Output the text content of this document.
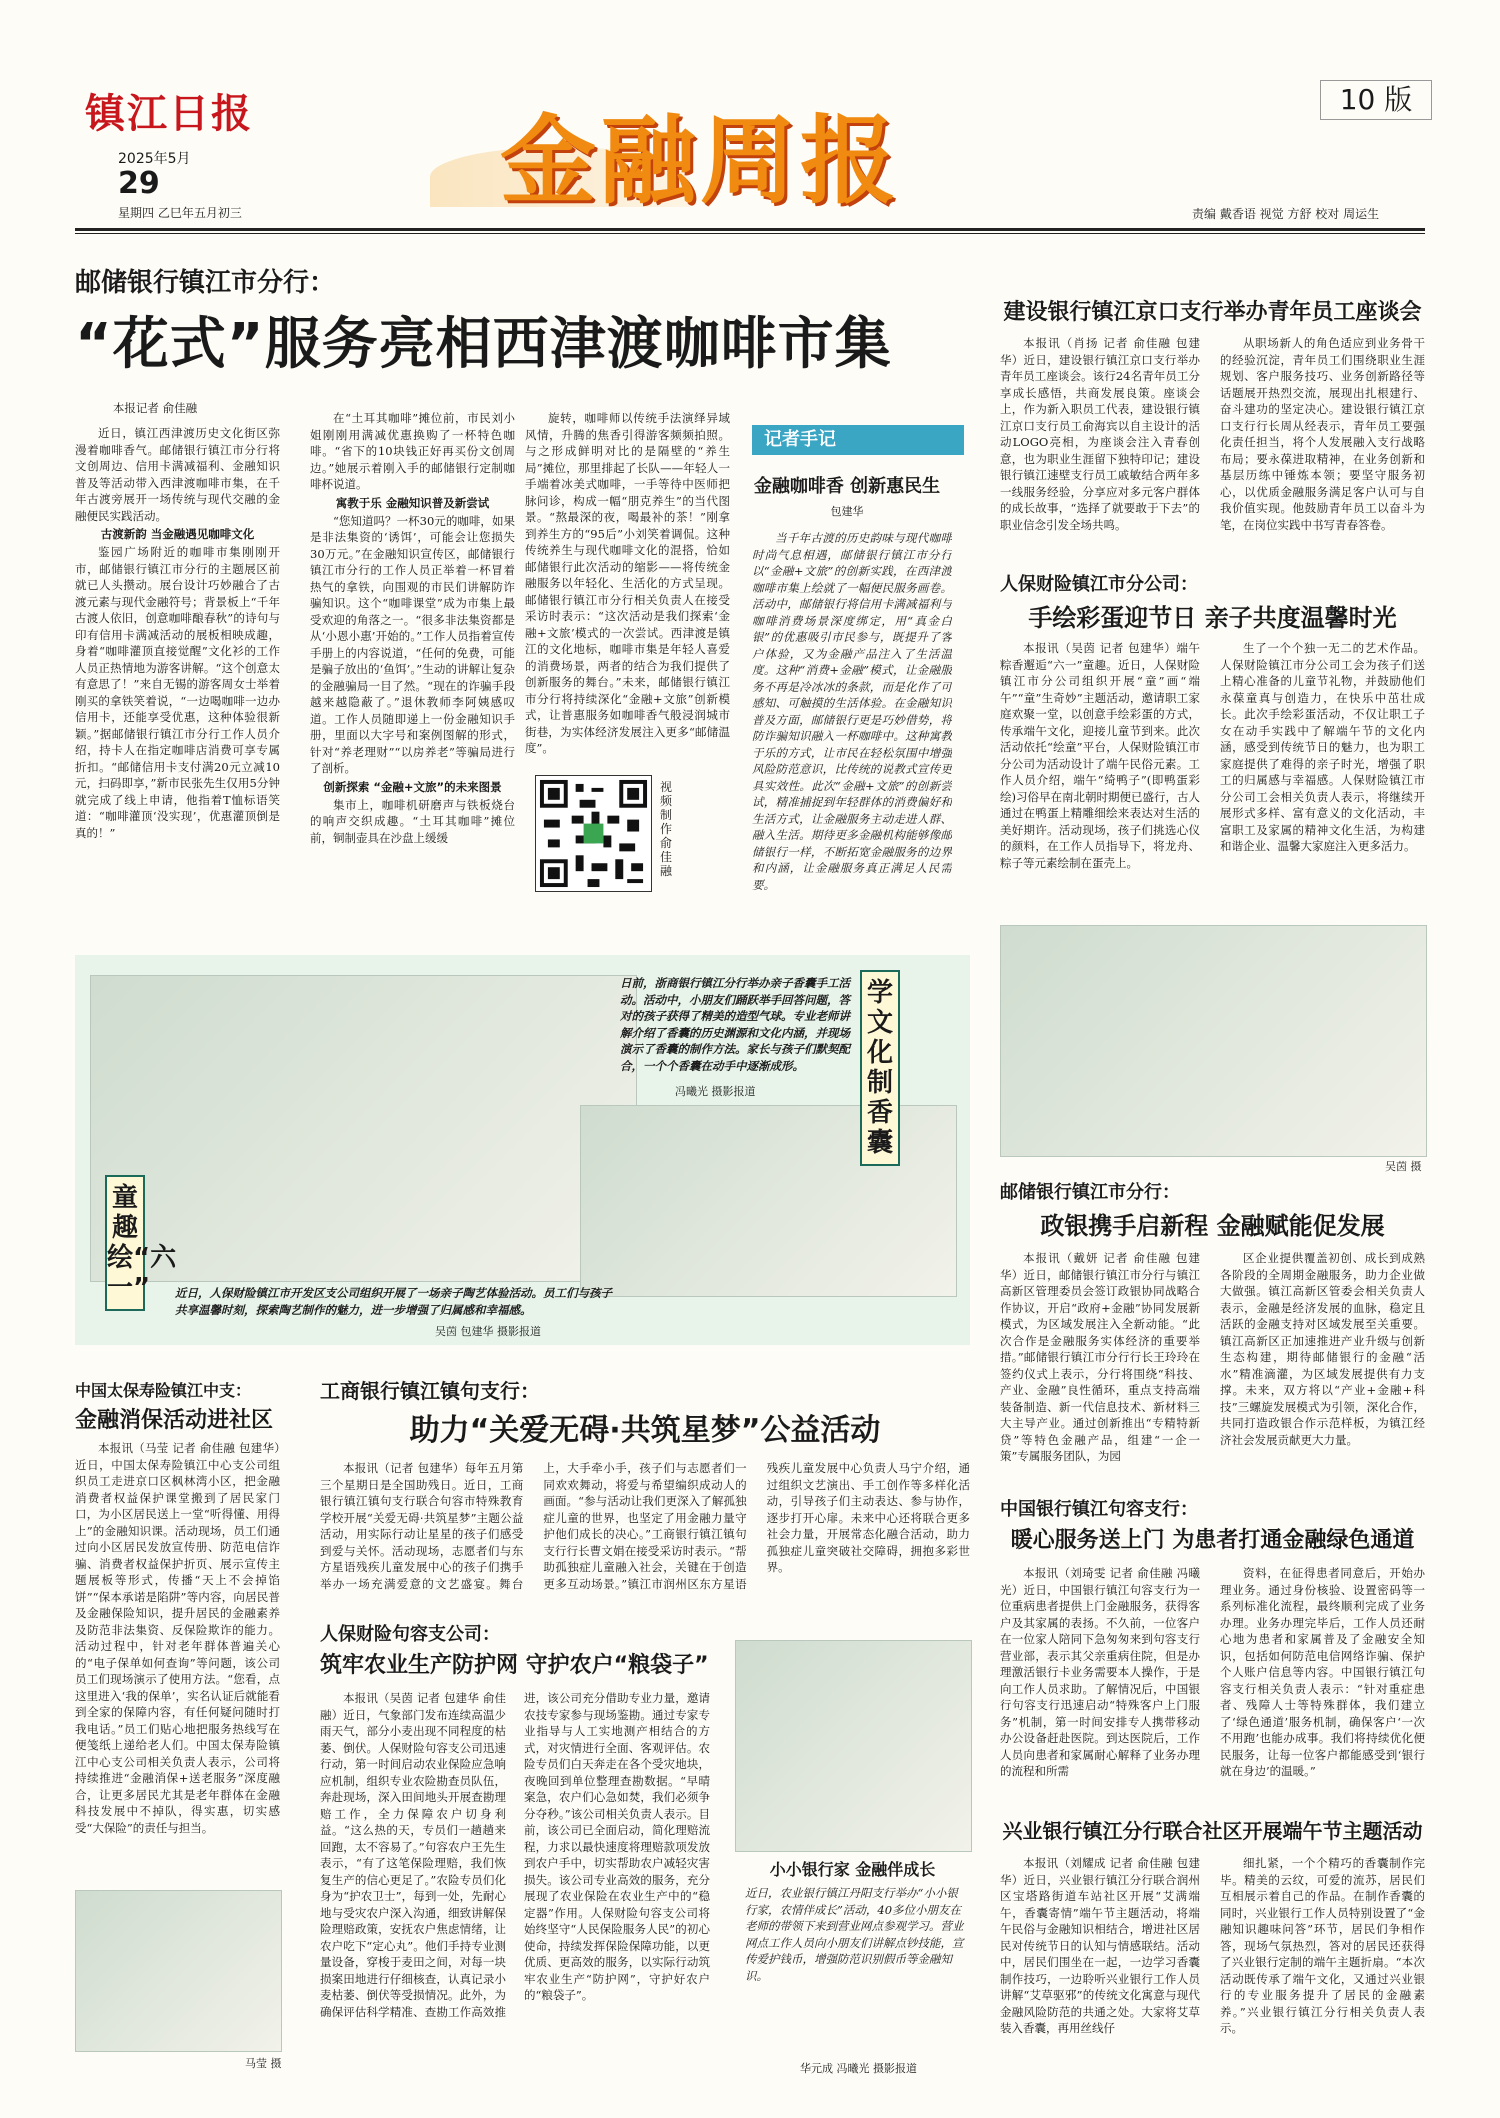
镇江日报
2025年5月
29
星期四 乙巳年五月初三	金融周报
10 版
责编 戴香语 视觉 方舒 校对 周运生
邮储银行镇江市分行：
“花式”服务亮相西津渡咖啡市集
本报记者 俞佳融

近日，镇江西津渡历史文化街区弥漫着咖啡香气。邮储银行镇江市分行将文创周边、信用卡满减福利、金融知识普及等活动带入西津渡咖啡市集，在千年古渡旁展开一场传统与现代交融的金融便民实践活动。

古渡新韵 当金融遇见咖啡文化

鉴园广场附近的咖啡市集刚刚开市，邮储银行镇江市分行的主题展区前就已人头攒动。展台设计巧妙融合了古渡元素与现代金融符号；背景板上“千年古渡人依旧，创意咖啡酿春秋”的诗句与印有信用卡满减活动的展板相映成趣，身着“咖啡灌顶直接觉醒”文化衫的工作人员正热情地为游客讲解。“这个创意太有意思了！”来自无锡的游客周女士举着刚买的拿铁笑着说，“一边喝咖啡一边办信用卡，还能享受优惠，这种体验很新颖。”据邮储银行镇江市分行工作人员介绍，持卡人在指定咖啡店消费可享专属折扣。“邮储信用卡支付满20元立减10元，扫码即享，”新市民张先生仅用5分钟就完成了线上申请，他指着T恤标语笑道：“咖啡灌顶‘没实现’，优惠灌顶倒是真的！”

在“土耳其咖啡”摊位前，市民刘小姐刚刚用满减优惠换购了一杯特色咖啡。“省下的10块钱正好再买份文创周边。”她展示着刚入手的邮储银行定制咖啡杯说道。

寓教于乐 金融知识普及新尝试

“您知道吗？一杯30元的咖啡，如果是非法集资的‘诱饵’，可能会让您损失30万元。”在金融知识宣传区，邮储银行镇江市分行的工作人员正举着一杯冒着热气的拿铁，向围观的市民们讲解防诈骗知识。这个“咖啡课堂”成为市集上最受欢迎的角落之一。“很多非法集资都是从‘小恩小惠’开始的。”工作人员指着宣传手册上的内容说道，“任何的免费，可能是骗子放出的‘鱼饵’。”生动的讲解让复杂的金融骗局一目了然。“现在的诈骗手段越来越隐蔽了。”退休教师李阿姨感叹道。工作人员随即递上一份金融知识手册，里面以大字号和案例图解的形式，针对“养老理财”“以房养老”等骗局进行了剖析。

创新探索 “金融+文旅”的未来图景

集市上，咖啡机研磨声与铁板烧台的响声交织成趣。“土耳其咖啡”摊位前，铜制壶具在沙盘上缓缓

旋转，咖啡师以传统手法演绎异域风情，升腾的焦香引得游客频频拍照。与之形成鲜明对比的是隔壁的“养生局”摊位，那里排起了长队——年轻人一手端着冰美式咖啡，一手等待中医师把脉问诊，构成一幅“朋克养生”的当代图景。“熬最深的夜，喝最补的茶！”刚拿到养生方的“95后”小刘笑着调侃。这种传统养生与现代咖啡文化的混搭，恰如邮储银行此次活动的缩影——将传统金融服务以年轻化、生活化的方式呈现。邮储银行镇江市分行相关负责人在接受采访时表示：“这次活动是我们探索‘金融+文旅’模式的一次尝试。西津渡是镇江的文化地标，咖啡市集是年轻人喜爱的消费场景，两者的结合为我们提供了创新服务的舞台。”未来，邮储银行镇江市分行将持续深化“金融+文旅”创新模式，让普惠服务如咖啡香气般浸润城市街巷，为实体经济发展注入更多“邮储温度”。

视频制作 俞佳融
记者手记
金融咖啡香 创新惠民生
包建华

当千年古渡的历史韵味与现代咖啡时尚气息相遇，邮储银行镇江市分行以“金融+文旅”的创新实践，在西津渡咖啡市集上绘就了一幅便民服务画卷。活动中，邮储银行将信用卡满减福利与咖啡消费场景深度绑定，用“真金白银”的优惠吸引市民参与，既提升了客户体验，又为金融产品注入了生活温度。这种“消费+金融”模式，让金融服务不再是冷冰冰的条款，而是化作了可感知、可触摸的生活体验。在金融知识普及方面，邮储银行更是巧妙借势，将防诈骗知识融入一杯咖啡中。这种寓教于乐的方式，让市民在轻松氛围中增强风险防范意识，比传统的说教式宣传更具实效性。此次“金融+文旅”的创新尝试，精准捕捉到年轻群体的消费偏好和生活方式，让金融服务主动走进人群、融入生活。期待更多金融机构能够像邮储银行一样，不断拓宽金融服务的边界和内涵，让金融服务真正满足人民需要。

建设银行镇江京口支行举办青年员工座谈会

本报讯（肖扬 记者 俞佳融 包建华）近日，建设银行镇江京口支行举办青年员工座谈会。该行24名青年员工分享成长感悟，共商发展良策。座谈会上，作为新入职员工代表，建设银行镇江京口支行员工俞海宾以自主设计的活动LOGO亮相，为座谈会注入青春创意，也为职业生涯留下独特印记；建设银行镇江速壁支行员工戚敏结合两年多一线服务经验，分享应对多元客户群体的成长故事，“选择了就要敢于下去”的职业信念引发全场共鸣。

从职场新人的角色适应到业务骨干的经验沉淀，青年员工们围绕职业生涯规划、客户服务技巧、业务创新路径等话题展开热烈交流，展现出扎根建行、奋斗建功的坚定决心。建设银行镇江京口支行行长周从经表示，青年员工要强化责任担当，将个人发展融入支行战略布局；要永葆进取精神，在业务创新和基层历练中锤炼本领；要坚守服务初心，以优质金融服务满足客户认可与自我价值实现。他鼓励青年员工以奋斗为笔，在岗位实践中书写青春答卷。

人保财险镇江市分公司：
手绘彩蛋迎节日 亲子共度温馨时光

本报讯（吴茵 记者 包建华）端午粽香邂逅“六一”童趣。近日，人保财险镇江市分公司组织开展“童”画“端午”“童”生奇妙”主题活动，邀请职工家庭欢聚一堂，以创意手绘彩蛋的方式，传承端午文化，迎接儿童节到来。此次活动依托“绘童”平台，人保财险镇江市分公司为活动设计了端午民俗元素。工作人员介绍，端午“绮鸭子”(即鸭蛋彩绘)习俗早在南北朝时期便已盛行，古人通过在鸭蛋上精雕细绘来表达对生活的美好期许。活动现场，孩子们挑选心仪的颜料，在工作人员指导下，将龙舟、粽子等元素绘制在蛋壳上。

生了一个个独一无二的艺术作品。人保财险镇江市分公司工会为孩子们送上精心准备的儿童节礼物，并鼓励他们永葆童真与创造力，在快乐中茁壮成长。此次手绘彩蛋活动，不仅让职工子女在动手实践中了解端午节的文化内涵，感受到传统节日的魅力，也为职工家庭提供了难得的亲子时光，增强了职工的归属感与幸福感。人保财险镇江市分公司工会相关负责人表示，将继续开展形式多样、富有意义的文化活动，丰富职工及家属的精神文化生活，为构建和谐企业、温馨大家庭注入更多活力。

吴茵 摄
童趣绘“六一”
学文化 制香囊
日前，浙商银行镇江分行举办亲子香囊手工活动。活动中，小朋友们踊跃举手回答问题，答对的孩子获得了精美的造型气球。专业老师讲解介绍了香囊的历史渊源和文化内涵，并现场演示了香囊的制作方法。家长与孩子们默契配合，一个个香囊在动手中逐渐成形。
冯曦光 摄影报道
近日，人保财险镇江市开发区支公司组织开展了一场亲子陶艺体验活动。员工们与孩子共享温馨时刻，探索陶艺制作的魅力，进一步增强了归属感和幸福感。
吴茵 包建华 摄影报道
中国太保寿险镇江中支：
金融消保活动进社区

本报讯（马莹 记者 俞佳融 包建华）近日，中国太保寿险镇江中心支公司组织员工走进京口区枫林湾小区，把金融消费者权益保护课堂搬到了居民家门口，为小区居民送上一堂“听得懂、用得上”的金融知识课。活动现场，员工们通过向小区居民发放宣传册、防范电信诈骗、消费者权益保护折页、展示宣传主题展板等形式，传播“天上不会掉馅饼”“保本承诺是陷阱”等内容，向居民普及金融保险知识，提升居民的金融素养及防范非法集资、反保险欺诈的能力。活动过程中，针对老年群体普遍关心的“电子保单如何查询”等问题，该公司员工们现场演示了使用方法。“您看，点这里进入‘我的保单’，实名认证后就能看到全家的保障内容，有任何疑问随时打我电话。”员工们贴心地把服务热线写在便笺纸上递给老人们。中国太保寿险镇江中心支公司相关负责人表示，公司将持续推进“金融消保+送老服务”深度融合，让更多居民尤其是老年群体在金融科技发展中不掉队，得实惠，切实感受“大保险”的责任与担当。

马莹 摄
工商银行镇江镇句支行：
助力“关爱无碍·共筑星梦”公益活动

本报讯（记者 包建华）每年五月第三个星期日是全国助残日。近日，工商银行镇江镇句支行联合句容市特殊教育学校开展“关爱无碍·共筑星梦”主题公益活动，用实际行动让星星的孩子们感受到爱与关怀。活动现场，志愿者们与东方星语残疾儿童发展中心的孩子们携手举办一场充满爱意的文艺盛宴。舞台上，大手牵小手，孩子们与志愿者们一同欢欢舞动，将爱与希望编织成动人的画面。“参与活动让我们更深入了解孤独症儿童的世界，也坚定了用金融力量守护他们成长的决心。”工商银行镇江镇句支行行长曹文娟在接受采访时表示。“帮助孤独症儿童融入社会，关键在于创造更多互动场景。”镇江市润州区东方星语残疾儿童发展中心负责人马宁介绍，通过组织文艺演出、手工创作等多样化活动，引导孩子们主动表达、参与协作，逐步打开心扉。未来中心还将联合更多社会力量，开展常态化融合活动，助力孤独症儿童突破社交障碍，拥抱多彩世界。

人保财险句容支公司：
筑牢农业生产防护网 守护农户“粮袋子”

本报讯（吴茵 记者 包建华 俞佳融）近日，气象部门发布连续高温少雨天气，部分小麦出现不同程度的枯萎、倒伏。人保财险句容支公司迅速行动，第一时间启动农业保险应急响应机制，组织专业农险勘查员队伍，奔赴现场，深入田间地头开展查勘理赔工作，全力保障农户切身利益。“这么热的天，专员们一趟趟来回跑，太不容易了。”句容农户王先生表示，“有了这笔保险理赔，我们恢复生产的信心更足了。”农险专员们化身为“护农卫士”，每到一处，先耐心地与受灾农户深入沟通，细致讲解保险理赔政策，安抚农户焦虑情绪，让农户吃下“定心丸”。他们手持专业测量设备，穿梭于麦田之间，对每一块损案田地进行仔细核查，认真记录小麦枯萎、倒伏等受损情况。此外，为确保评估科学精准、查勘工作高效推进，该公司充分借助专业力量，邀请农技专家参与现场鉴勘。通过专家专业指导与人工实地测产相结合的方式，对灾情进行全面、客观评估。农险专员们白天奔走在各个受灾地块，夜晚回到单位整理查勘数据。“早晴案急，农户们心急如焚，我们必须争分夺秒。”该公司相关负责人表示。目前，该公司已全面启动，简化理赔流程，力求以最快速度将理赔款项发放到农户手中，切实帮助农户减轻灾害损失。该公司专业高效的服务，充分展现了农业保险在农业生产中的“稳定器”作用。人保财险句容支公司将始终坚守“人民保险服务人民”的初心使命，持续发挥保险保障功能，以更优质、更高效的服务，以实际行动筑牢农业生产“防护网”，守护好农户的“粮袋子”。

小小银行家 金融伴成长
近日，农业银行镇江丹阳支行举办“小小银行家，农情伴成长”活动，40多位小朋友在老师的带领下来到营业网点参观学习。营业网点工作人员向小朋友们讲解点钞技能，宣传爱护钱币，增强防范识别假币等金融知识。
华元成 冯曦光 摄影报道
邮储银行镇江市分行：
政银携手启新程 金融赋能促发展

本报讯（戴妍 记者 俞佳融 包建华）近日，邮储银行镇江市分行与镇江高新区管理委员会签订政银协同战略合作协议，开启“政府+金融”协同发展新模式，为区域发展注入全新动能。“此次合作是金融服务实体经济的重要举措。”邮储银行镇江市分行行长王玲玲在签约仪式上表示，分行将围绕“科技、产业、金融”良性循环，重点支持高端装备制造、新一代信息技术、新材料三大主导产业。通过创新推出“专精特新贷”等特色金融产品，组建“一企一策”专属服务团队，为园

区企业提供覆盖初创、成长到成熟各阶段的全周期金融服务，助力企业做大做强。镇江高新区管委会相关负责人表示，金融是经济发展的血脉，稳定且活跃的金融支持对区域发展至关重要。镇江高新区正加速推进产业升级与创新生态构建，期待邮储银行的金融“活水”精准滴灌，为区域发展提供有力支撑。未来，双方将以“产业+金融+科技”三螺旋发展模式为引领，深化合作，共同打造政银合作示范样板，为镇江经济社会发展贡献更大力量。

中国银行镇江句容支行：
暖心服务送上门 为患者打通金融绿色通道

本报讯（刘琦雯 记者 俞佳融 冯曦光）近日，中国银行镇江句容支行为一位重病患者提供上门金融服务，获得客户及其家属的表扬。不久前，一位客户在一位家人陪同下急匆匆来到句容支行营业部，表示其父亲重病住院，但是办理激活银行卡业务需要本人操作，于是向工作人员求助。了解情况后，中国银行句容支行迅速启动“特殊客户上门服务”机制，第一时间安排专人携带移动办公设备赶赴医院。到达医院后，工作人员向患者和家属耐心解释了业务办理的流程和所需

资料，在征得患者同意后，开始办理业务。通过身份核验、设置密码等一系列标准化流程，最终顺利完成了业务办理。业务办理完毕后，工作人员还耐心地为患者和家属普及了金融安全知识，包括如何防范电信网络诈骗、保护个人账户信息等内容。中国银行镇江句容支行相关负责人表示：“针对重症患者、残障人士等特殊群体，我们建立了‘绿色通道’服务机制，确保客户‘一次不用跑’也能办成事。我们将持续优化便民服务，让每一位客户都能感受到‘银行就在身边’的温暖。”

兴业银行镇江分行联合社区开展端午节主题活动

本报讯（刘耀成 记者 俞佳融 包建华）近日，兴业银行镇江分行联合润州区宝塔路街道车站社区开展“艾满端午，香囊寄情”端午节主题活动，将端午民俗与金融知识相结合，增进社区居民对传统节日的认知与情感联结。活动中，居民们围坐在一起，一边学习香囊制作技巧，一边聆听兴业银行工作人员讲解“艾草驱邪”的传统文化寓意与现代金融风险防范的共通之处。大家将艾草装入香囊，再用丝线仔

细扎紧，一个个精巧的香囊制作完毕。精美的云纹，可爱的流苏，居民们互相展示着自己的作品。在制作香囊的同时，兴业银行工作人员特别设置了“金融知识趣味问答”环节，居民们争相作答，现场气氛热烈，答对的居民还获得了兴业银行定制的端午主题折扇。“本次活动既传承了端午文化，又通过兴业银行的专业服务提升了居民的金融素养。”兴业银行镇江分行相关负责人表示。
